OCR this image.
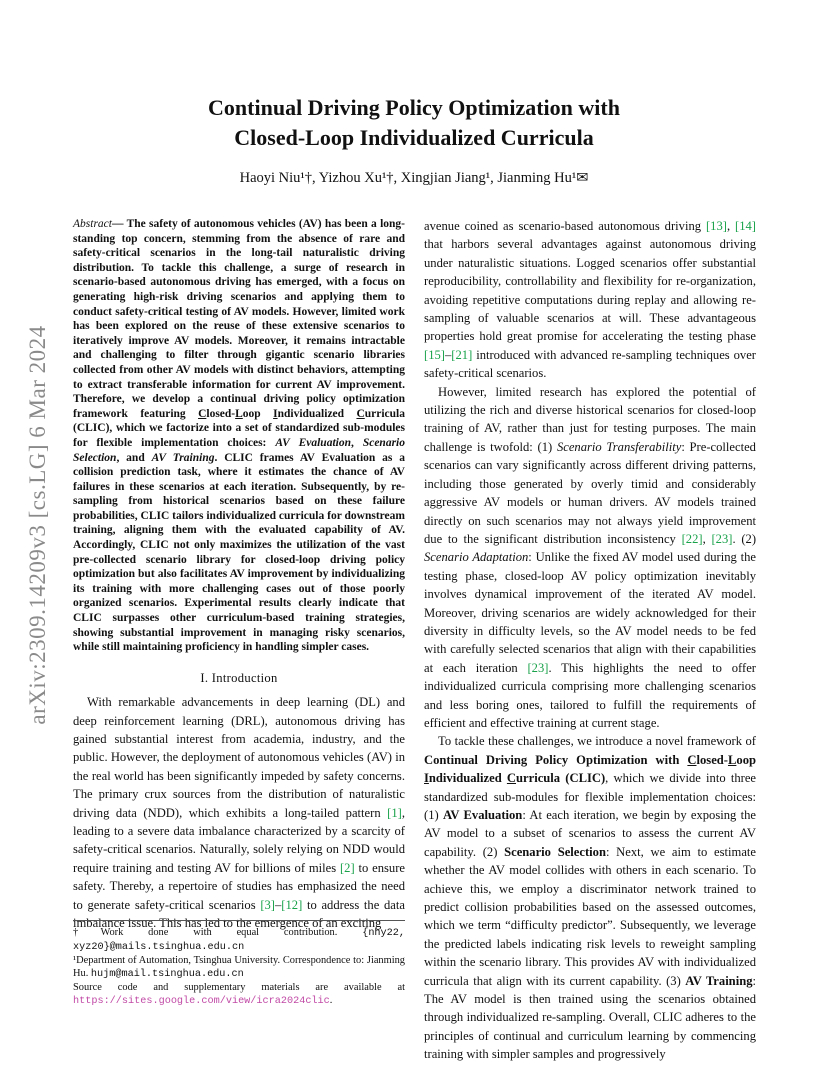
arXiv:2309.14209v3 [cs.LG] 6 Mar 2024
Continual Driving Policy Optimization with
Closed-Loop Individualized Curricula
Haoyi Niu¹†, Yizhou Xu¹†, Xingjian Jiang¹, Jianming Hu¹✉
Abstract— The safety of autonomous vehicles (AV) has been a long-standing top concern, stemming from the absence of rare and safety-critical scenarios in the long-tail naturalistic driving distribution. To tackle this challenge, a surge of research in scenario-based autonomous driving has emerged, with a focus on generating high-risk driving scenarios and applying them to conduct safety-critical testing of AV models. However, limited work has been explored on the reuse of these extensive scenarios to iteratively improve AV models. Moreover, it remains intractable and challenging to filter through gigantic scenario libraries collected from other AV models with distinct behaviors, attempting to extract transferable information for current AV improvement. Therefore, we develop a continual driving policy optimization framework featuring Closed-Loop Individualized Curricula (CLIC), which we factorize into a set of standardized sub-modules for flexible implementation choices: AV Evaluation, Scenario Selection, and AV Training. CLIC frames AV Evaluation as a collision prediction task, where it estimates the chance of AV failures in these scenarios at each iteration. Subsequently, by re-sampling from historical scenarios based on these failure probabilities, CLIC tailors individualized curricula for downstream training, aligning them with the evaluated capability of AV. Accordingly, CLIC not only maximizes the utilization of the vast pre-collected scenario library for closed-loop driving policy optimization but also facilitates AV improvement by individualizing its training with more challenging cases out of those poorly organized scenarios. Experimental results clearly indicate that CLIC surpasses other curriculum-based training strategies, showing substantial improvement in managing risky scenarios, while still maintaining proficiency in handling simpler cases.
I. Introduction

With remarkable advancements in deep learning (DL) and deep reinforcement learning (DRL), autonomous driving has gained substantial interest from academia, industry, and the public. However, the deployment of autonomous vehicles (AV) in the real world has been significantly impeded by safety concerns. The primary crux sources from the distribution of naturalistic driving data (NDD), which exhibits a long-tailed pattern [1], leading to a severe data imbalance characterized by a scarcity of safety-critical scenarios. Naturally, solely relying on NDD would require training and testing AV for billions of miles [2] to ensure safety. Thereby, a repertoire of studies has emphasized the need to generate safety-critical scenarios [3]–[12] to address the data imbalance issue. This has led to the emergence of an exciting

†Work done with equal contribution. {nhy22, xyz20}@mails.tsinghua.edu.cn
¹Department of Automation, Tsinghua University. Correspondence to: Jianming Hu. hujm@mail.tsinghua.edu.cn
Source code and supplementary materials are available at https://sites.google.com/view/icra2024clic.

avenue coined as scenario-based autonomous driving [13], [14] that harbors several advantages against autonomous driving under naturalistic situations. Logged scenarios offer substantial reproducibility, controllability and flexibility for re-organization, avoiding repetitive computations during replay and allowing re-sampling of valuable scenarios at will. These advantageous properties hold great promise for accelerating the testing phase [15]–[21] introduced with advanced re-sampling techniques over safety-critical scenarios.

However, limited research has explored the potential of utilizing the rich and diverse historical scenarios for closed-loop training of AV, rather than just for testing purposes. The main challenge is twofold: (1) Scenario Transferability: Pre-collected scenarios can vary significantly across different driving patterns, including those generated by overly timid and considerably aggressive AV models or human drivers. AV models trained directly on such scenarios may not always yield improvement due to the significant distribution inconsistency [22], [23]. (2) Scenario Adaptation: Unlike the fixed AV model used during the testing phase, closed-loop AV policy optimization inevitably involves dynamical improvement of the iterated AV model. Moreover, driving scenarios are widely acknowledged for their diversity in difficulty levels, so the AV model needs to be fed with carefully selected scenarios that align with their capabilities at each iteration [23]. This highlights the need to offer individualized curricula comprising more challenging scenarios and less boring ones, tailored to fulfill the requirements of efficient and effective training at current stage.

To tackle these challenges, we introduce a novel framework of Continual Driving Policy Optimization with Closed-Loop Individualized Curricula (CLIC), which we divide into three standardized sub-modules for flexible implementation choices: (1) AV Evaluation: At each iteration, we begin by exposing the AV model to a subset of scenarios to assess the current AV capability. (2) Scenario Selection: Next, we aim to estimate whether the AV model collides with others in each scenario. To achieve this, we employ a discriminator network trained to predict collision probabilities based on the assessed outcomes, which we term “difficulty predictor”. Subsequently, we leverage the predicted labels indicating risk levels to reweight sampling within the scenario library. This provides AV with individualized curricula that align with its current capability. (3) AV Training: The AV model is then trained using the scenarios obtained through individualized re-sampling. Overall, CLIC adheres to the principles of continual and curriculum learning by commencing training with simpler samples and progressively
